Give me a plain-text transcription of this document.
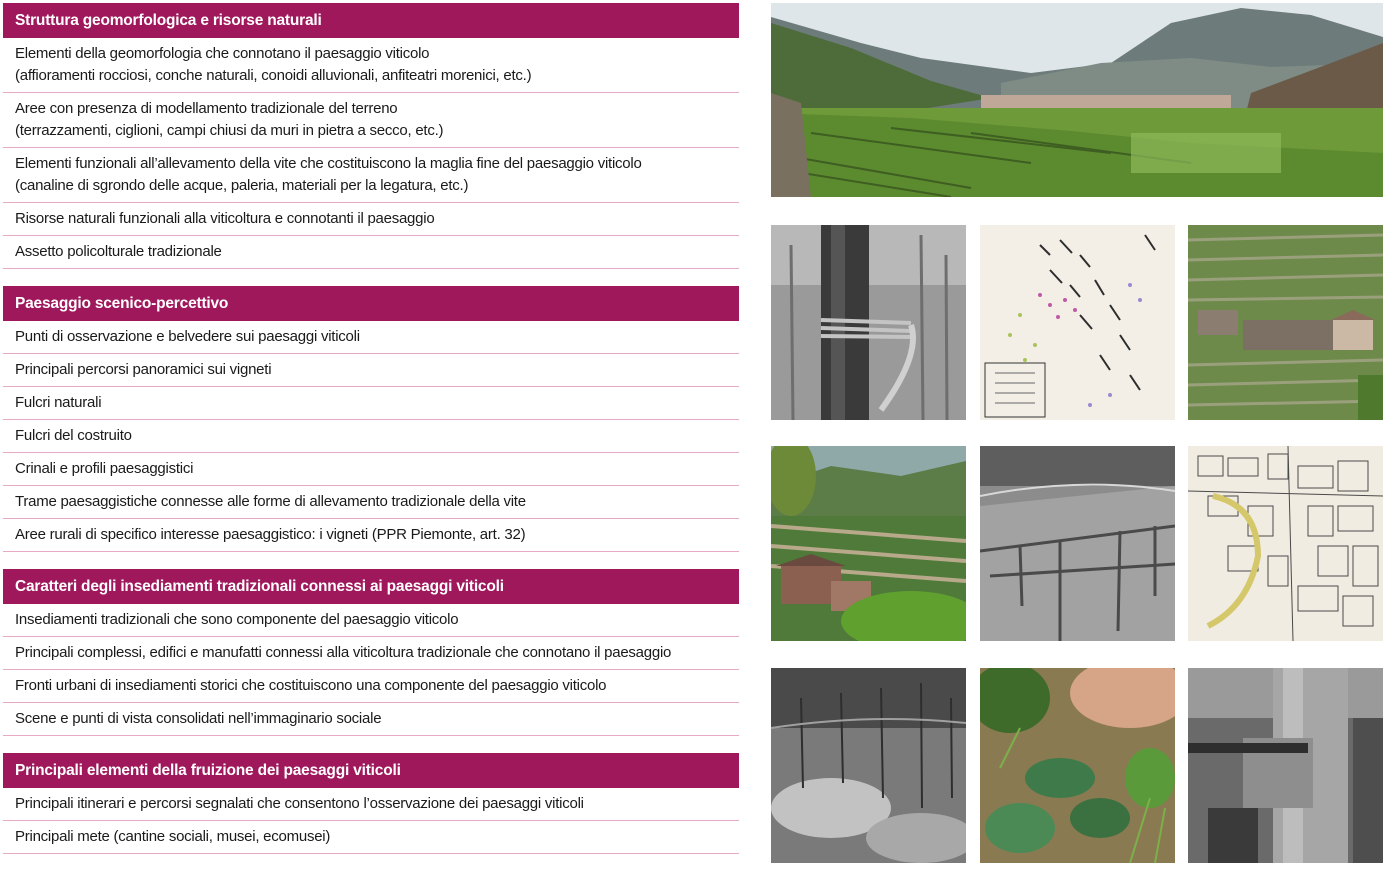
Struttura geomorfologica e risorse naturali
Elementi della geomorfologia che connotano il paesaggio viticolo
(affioramenti rocciosi, conche naturali, conoidi alluvionali, anfiteatri morenici, etc.)
Aree con presenza di modellamento tradizionale del terreno
(terrazzamenti, ciglioni, campi chiusi da muri in pietra a secco, etc.)
Elementi funzionali all’allevamento della vite che costituiscono la maglia fine del paesaggio viticolo
(canaline di sgrondo delle acque, paleria, materiali per la legatura, etc.)
Risorse naturali funzionali alla viticoltura e connotanti il paesaggio
Assetto policolturale tradizionale
Paesaggio scenico-percettivo
Punti di osservazione e belvedere sui paesaggi viticoli
Principali percorsi panoramici sui vigneti
Fulcri naturali
Fulcri del costruito
Crinali e profili paesaggistici
Trame paesaggistiche connesse alle forme di allevamento tradizionale della vite
Aree rurali di specifico interesse paesaggistico: i vigneti (PPR Piemonte, art. 32)
Caratteri degli insediamenti tradizionali connessi ai paesaggi viticoli
Insediamenti tradizionali che sono componente del paesaggio viticolo
Principali complessi, edifici e manufatti connessi alla viticoltura tradizionale che connotano il paesaggio
Fronti urbani di insediamenti storici che costituiscono una componente del paesaggio viticolo
Scene e punti di vista consolidati nell’immaginario sociale
Principali elementi della fruizione dei paesaggi viticoli
Principali itinerari e percorsi segnalati che consentono l’osservazione dei paesaggi viticoli
Principali mete (cantine sociali, musei, ecomusei)
